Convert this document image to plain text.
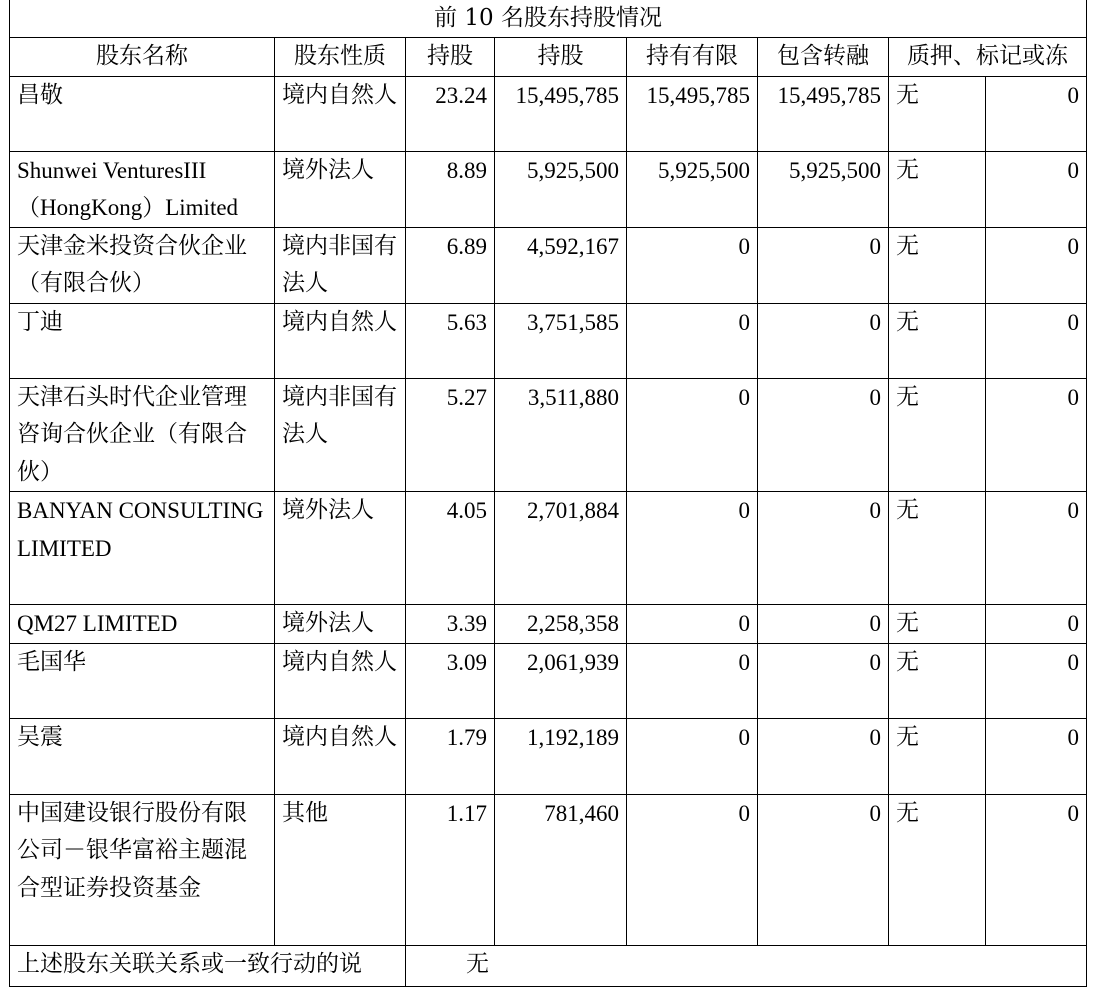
前 10 名股东持股情况							
股东名称	股东性质	持股	持股	持有有限	包含转融	质押、标记或冻	
昌敬	境内自然人	23.24	15,495,785	15,495,785	15,495,785	无	0
Shunwei VenturesIII（HongKong）Limited	境外法人	8.89	5,925,500	5,925,500	5,925,500	无	0
天津金米投资合伙企业（有限合伙）	境内非国有法人	6.89	4,592,167	0	0	无	0
丁迪	境内自然人	5.63	3,751,585	0	0	无	0
天津石头时代企业管理咨询合伙企业（有限合伙）	境内非国有法人	5.27	3,511,880	0	0	无	0
BANYAN CONSULTING LIMITED	境外法人	4.05	2,701,884	0	0	无	0
QM27 LIMITED	境外法人	3.39	2,258,358	0	0	无	0
毛国华	境内自然人	3.09	2,061,939	0	0	无	0
吴震	境内自然人	1.79	1,192,189	0	0	无	0
中国建设银行股份有限公司－银华富裕主题混合型证券投资基金	其他	1.17	781,460	0	0	无	0
上述股东关联关系或一致行动的说		无					
